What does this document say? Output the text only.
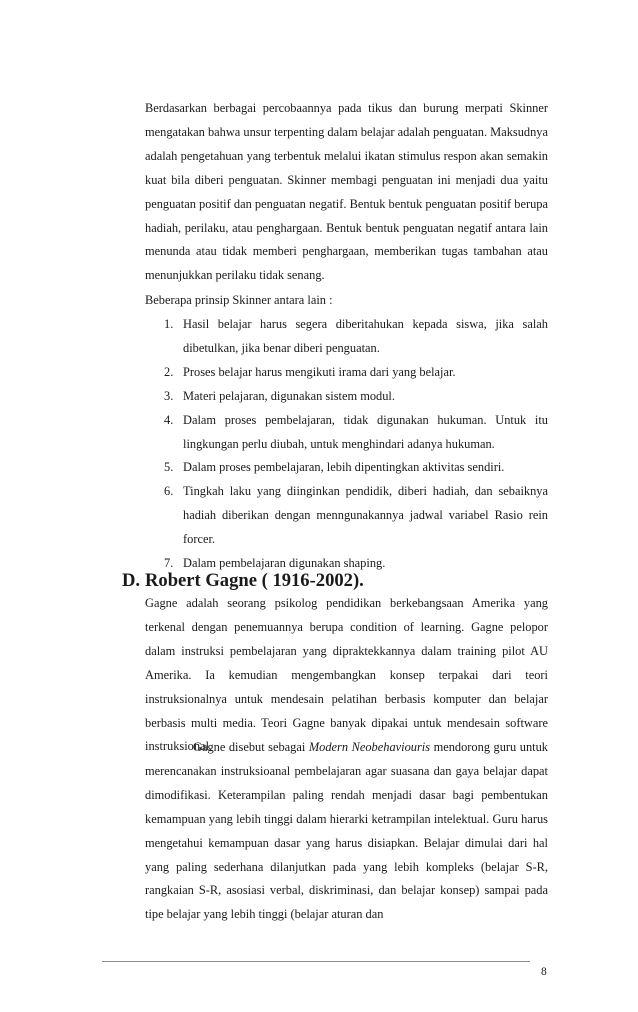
Berdasarkan berbagai percobaannya pada tikus dan burung merpati Skinner mengatakan bahwa unsur terpenting dalam belajar adalah penguatan. Maksudnya adalah pengetahuan yang terbentuk melalui ikatan stimulus respon akan semakin kuat bila diberi penguatan. Skinner membagi penguatan ini menjadi dua yaitu penguatan positif dan penguatan negatif. Bentuk bentuk penguatan positif berupa hadiah, perilaku, atau penghargaan. Bentuk bentuk penguatan negatif antara lain menunda atau tidak memberi penghargaan, memberikan tugas tambahan atau menunjukkan perilaku tidak senang.

Beberapa prinsip Skinner antara lain :

1. Hasil belajar harus segera diberitahukan kepada siswa, jika salah dibetulkan, jika benar diberi penguatan.
2. Proses belajar harus mengikuti irama dari yang belajar.
3. Materi pelajaran, digunakan sistem modul.
4. Dalam proses pembelajaran, tidak digunakan hukuman. Untuk itu lingkungan perlu diubah, untuk menghindari adanya hukuman.
5. Dalam proses pembelajaran, lebih dipentingkan aktivitas sendiri.
6. Tingkah laku yang diinginkan pendidik, diberi hadiah, dan sebaiknya hadiah diberikan dengan menngunakannya jadwal variabel Rasio rein forcer.
7. Dalam pembelajaran digunakan shaping.
D. Robert Gagne ( 1916-2002).

Gagne adalah seorang psikolog pendidikan berkebangsaan Amerika yang terkenal dengan penemuannya berupa condition of learning. Gagne pelopor dalam instruksi pembelajaran yang dipraktekkannya dalam training pilot AU Amerika. Ia kemudian mengembangkan konsep terpakai dari teori instruksionalnya untuk mendesain pelatihan berbasis komputer dan belajar berbasis multi media. Teori Gagne banyak dipakai untuk mendesain software instruksional.

Gagne disebut sebagai Modern Neobehaviouris mendorong guru untuk merencanakan instruksioanal pembelajaran agar suasana dan gaya belajar dapat dimodifikasi. Keterampilan paling rendah menjadi dasar bagi pembentukan kemampuan yang lebih tinggi dalam hierarki ketrampilan intelektual. Guru harus mengetahui kemampuan dasar yang harus disiapkan. Belajar dimulai dari hal yang paling sederhana dilanjutkan pada yang lebih kompleks (belajar S-R, rangkaian S-R, asosiasi verbal, diskriminasi, dan belajar konsep) sampai pada tipe belajar yang lebih tinggi (belajar aturan dan

8
